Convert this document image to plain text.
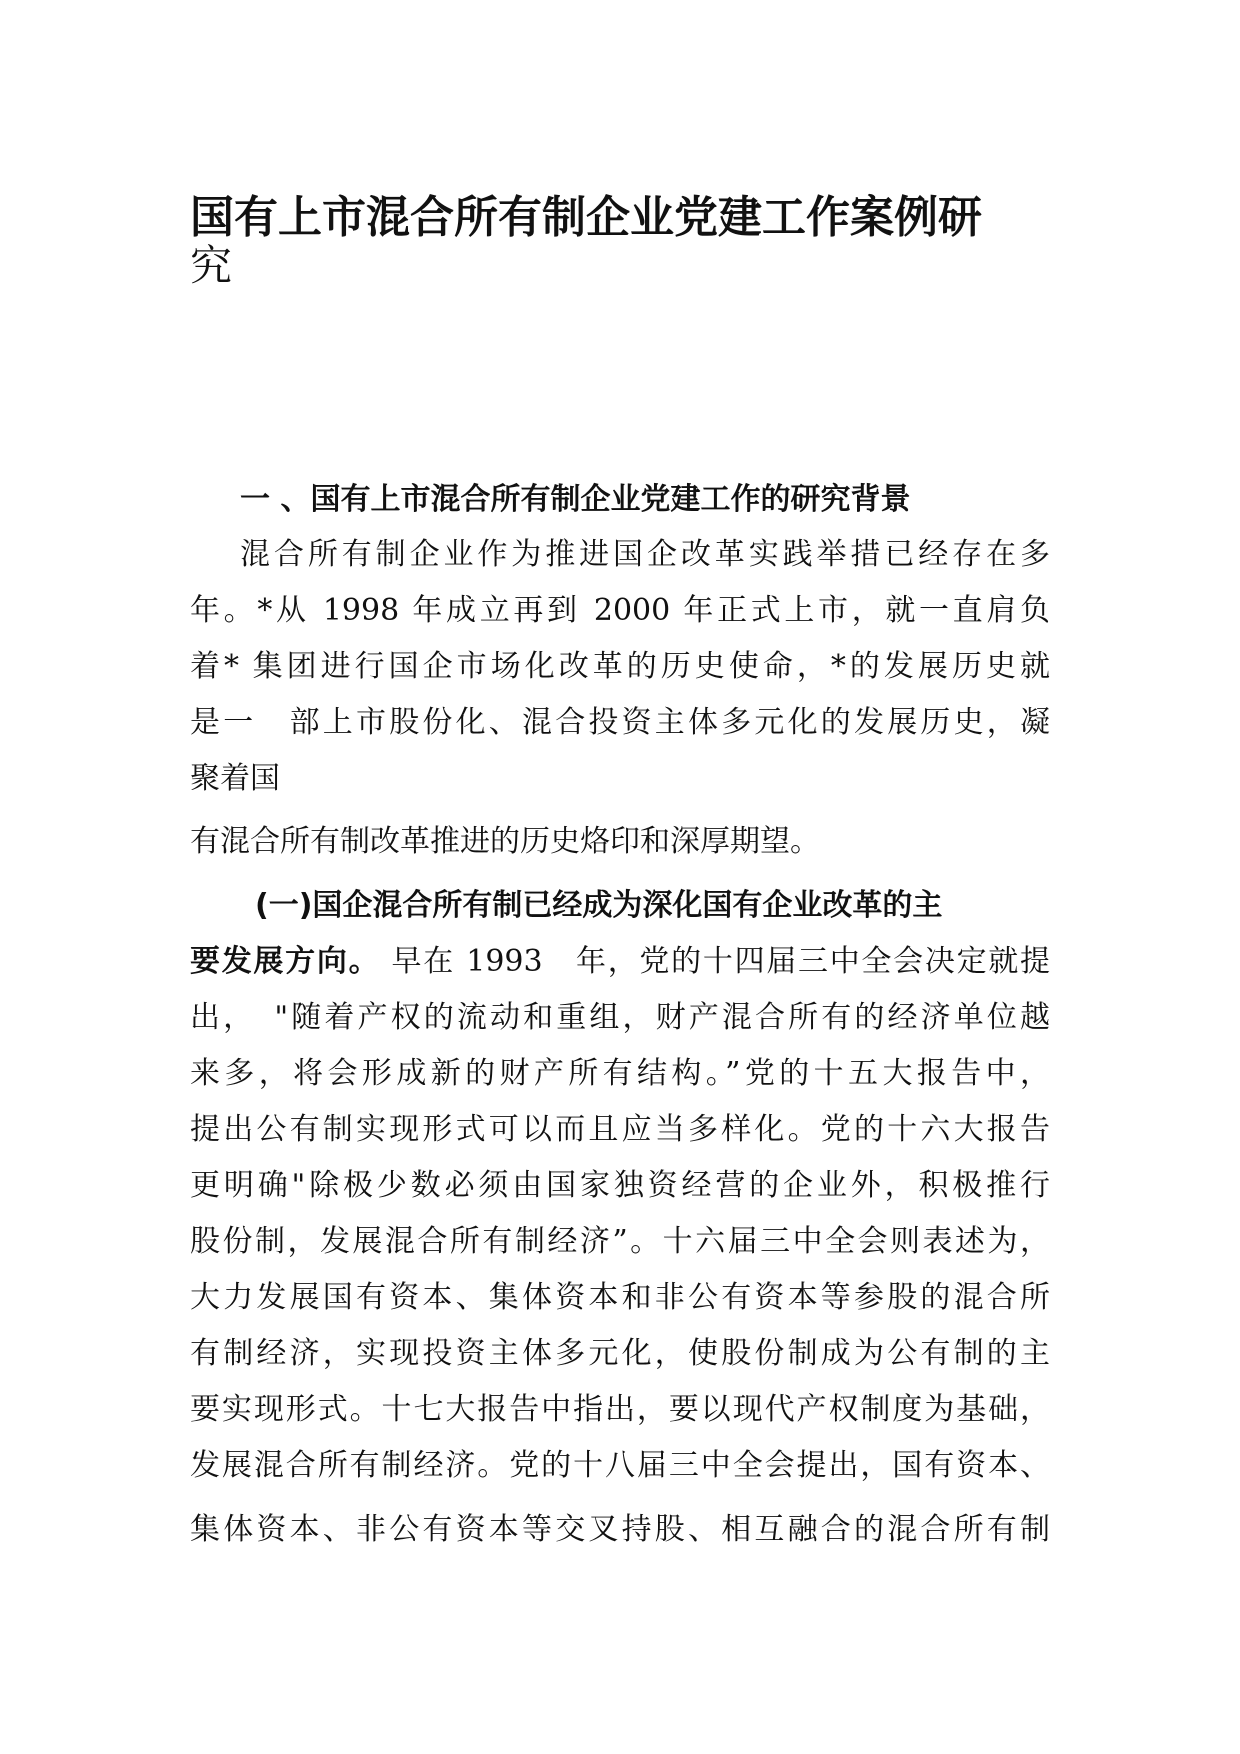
国有上市混合所有制企业党建工作案例研
究
一 、国有上市混合所有制企业党建工作的研究背景

混合所有制企业作为推进国企改革实践举措已经存在多

年。*从 1998 年成立再到 2000 年正式上市，就一直肩负

着* 集团进行国企市场化改革的历史使命，*的发展历史就

是一　部上市股份化、混合投资主体多元化的发展历史，凝

聚着国

有混合所有制改革推进的历史烙印和深厚期望。

(一)国企混合所有制已经成为深化国有企业改革的主

要发展方向。 早在 1993　年，党的十四届三中全会决定就提

出，　"随着产权的流动和重组，财产混合所有的经济单位越

来多，将会形成新的财产所有结构。”党的十五大报告中，

提出公有制实现形式可以而且应当多样化。党的十六大报告

更明确"除极少数必须由国家独资经营的企业外，积极推行

股份制，发展混合所有制经济”。十六届三中全会则表述为，

大力发展国有资本、集体资本和非公有资本等参股的混合所

有制经济，实现投资主体多元化，使股份制成为公有制的主

要实现形式。十七大报告中指出，要以现代产权制度为基础，

发展混合所有制经济。党的十八届三中全会提出，国有资本、

集体资本、非公有资本等交叉持股、相互融合的混合所有制
